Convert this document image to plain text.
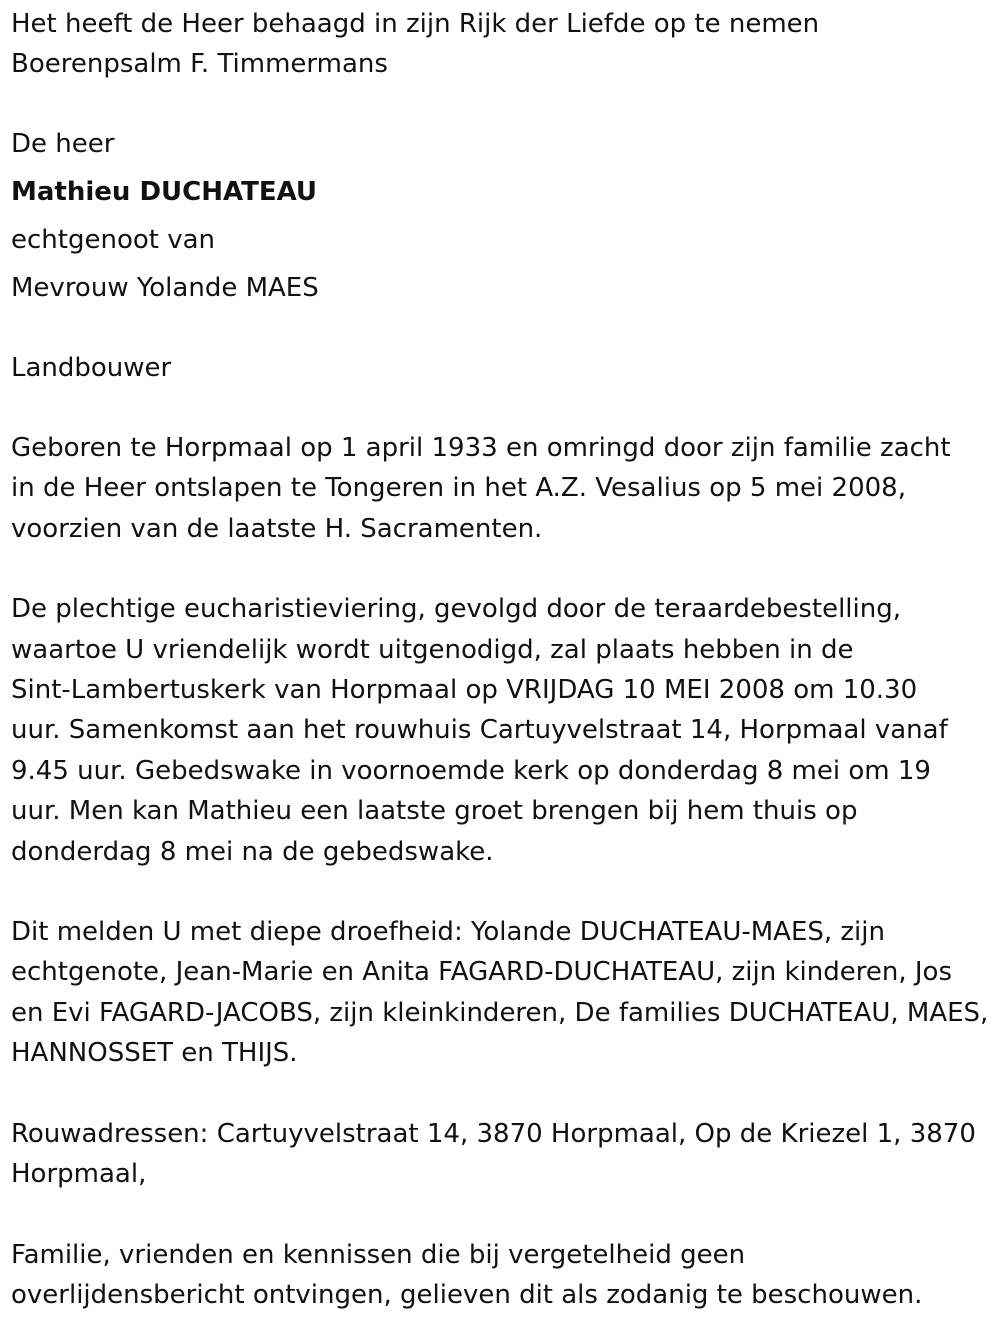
Het heeft de Heer behaagd in zijn Rijk der Liefde op te nemen

Boerenpsalm F. Timmermans

De heer

Mathieu DUCHATEAU

echtgenoot van

Mevrouw Yolande MAES

Landbouwer

Geboren te Horpmaal op 1 april 1933 en omringd door zijn familie zacht
in de Heer ontslapen te Tongeren in het A.Z. Vesalius op 5 mei 2008,
voorzien van de laatste H. Sacramenten.
De plechtige eucharistieviering, gevolgd door de teraardebestelling,
waartoe U vriendelijk wordt uitgenodigd, zal plaats hebben in de
Sint-Lambertuskerk van Horpmaal op VRIJDAG 10 MEI 2008 om 10.30
uur. Samenkomst aan het rouwhuis Cartuyvelstraat 14, Horpmaal vanaf
9.45 uur. Gebedswake in voornoemde kerk op donderdag 8 mei om 19
uur. Men kan Mathieu een laatste groet brengen bij hem thuis op
donderdag 8 mei na de gebedswake.
Dit melden U met diepe droefheid: Yolande DUCHATEAU-MAES, zijn
echtgenote, Jean-Marie en Anita FAGARD-DUCHATEAU, zijn kinderen, Jos
en Evi FAGARD-JACOBS, zijn kleinkinderen, De families DUCHATEAU, MAES,
HANNOSSET en THIJS.
Rouwadressen: Cartuyvelstraat 14, 3870 Horpmaal, Op de Kriezel 1, 3870
Horpmaal,
Familie, vrienden en kennissen die bij vergetelheid geen
overlijdensbericht ontvingen, gelieven dit als zodanig te beschouwen.
